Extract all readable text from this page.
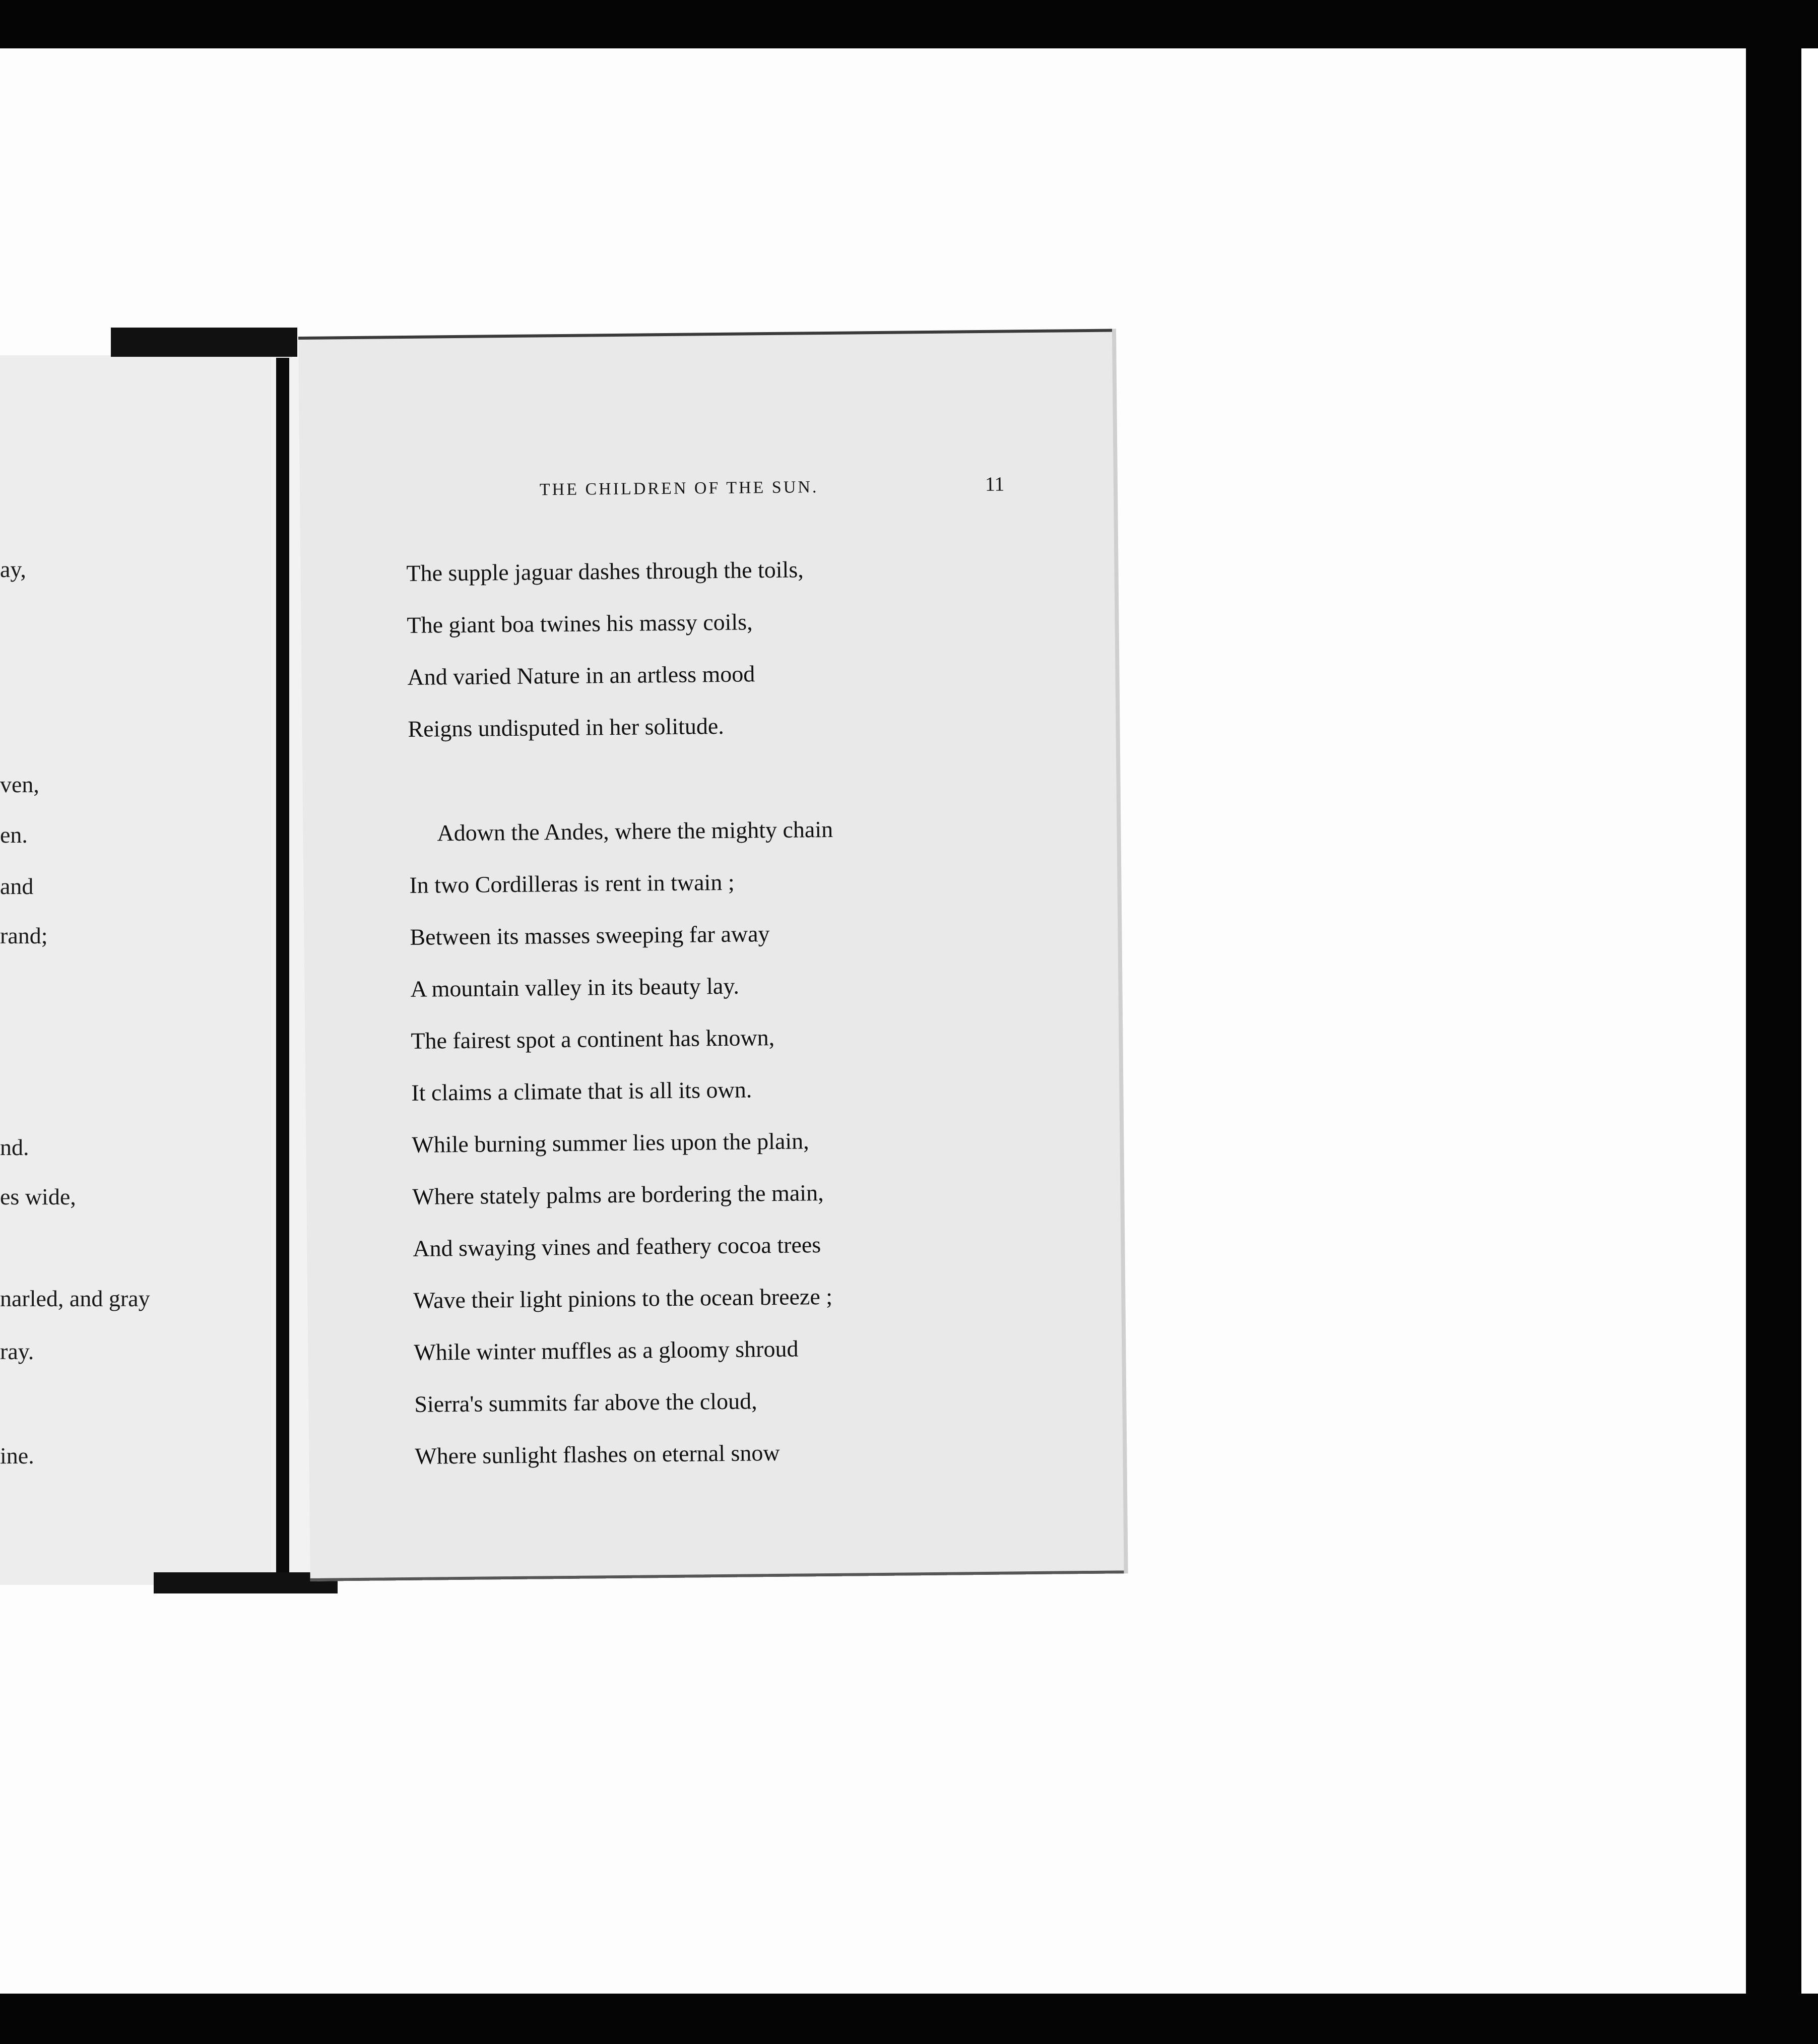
ay,
ven,
en.
and
rand;
nd.
es wide,
narled, and gray
ray.
ine.
THE CHILDREN OF THE SUN.	11
The supple jaguar dashes through the toils,
The giant boa twines his massy coils,
And varied Nature in an artless mood
Reigns undisputed in her solitude.
Adown the Andes, where the mighty chain
In two Cordilleras is rent in twain ;
Between its masses sweeping far away
A mountain valley in its beauty lay.
The fairest spot a continent has known,
It claims a climate that is all its own.
While burning summer lies upon the plain,
Where stately palms are bordering the main,
And swaying vines and feathery cocoa trees
Wave their light pinions to the ocean breeze ;
While winter muffles as a gloomy shroud
Sierra's summits far above the cloud,
Where sunlight flashes on eternal snow
